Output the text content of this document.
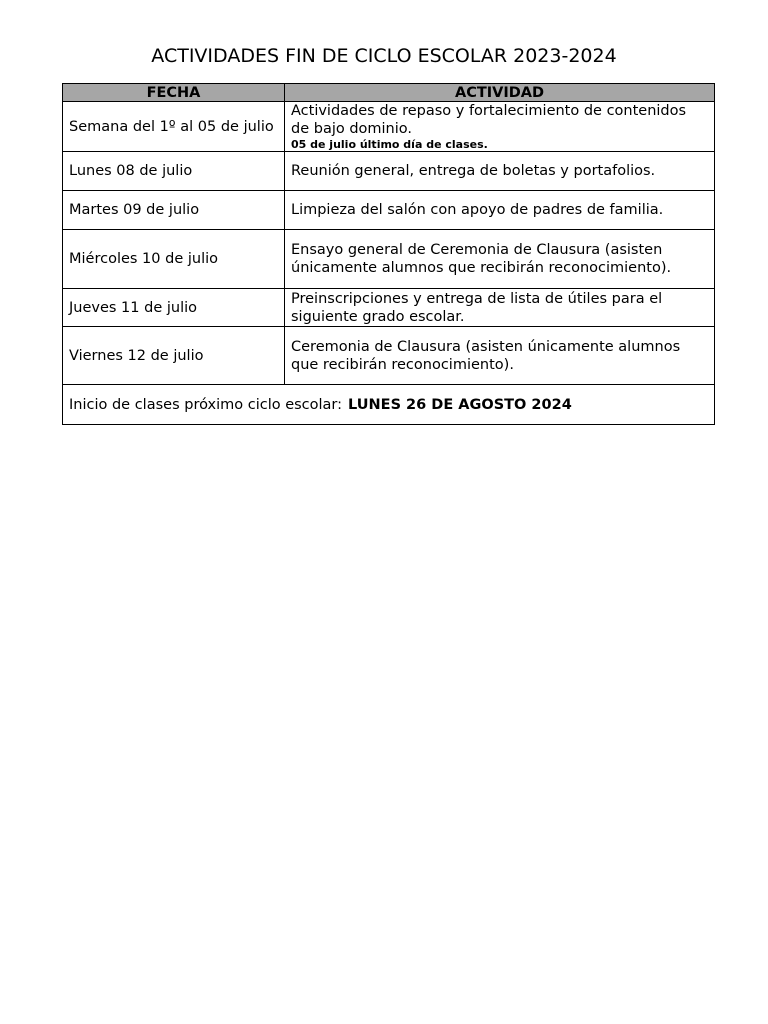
ACTIVIDADES FIN DE CICLO ESCOLAR 2023-2024
FECHA	ACTIVIDAD
Semana del 1º al 05 de julio	Actividades de repaso y fortalecimiento de contenidos de bajo dominio.
05 de julio último día de clases.

Lunes 08 de julio	Reunión general, entrega de boletas y portafolios.
Martes 09 de julio	Limpieza del salón con apoyo de padres de familia.
Miércoles 10 de julio	Ensayo general de Ceremonia de Clausura (asisten únicamente alumnos que recibirán reconocimiento).
Jueves 11 de julio	Preinscripciones y entrega de lista de útiles para el siguiente grado escolar.
Viernes 12 de julio	Ceremonia de Clausura (asisten únicamente alumnos que recibirán reconocimiento).
Inicio de clases próximo ciclo escolar: LUNES 26 DE AGOSTO 2024	
